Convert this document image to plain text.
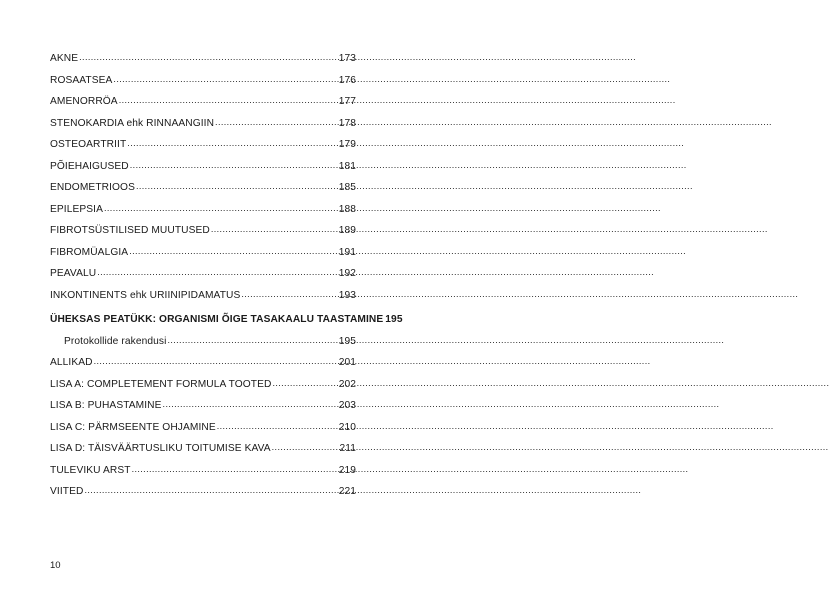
AKNE .....	173
ROSAATSEA .....	176
AMENORRÖA .....	177
STENOKARDIA ehk RINNAANGIIN .....	178
OSTEOARTRIIT .....	179
PÕIEHAIGUSED .....	181
ENDOMETRIOOS .....	185
EPILEPSIA .....	188
FIBROTSÜSTILISED MUUTUSED .....	189
FIBROMÜALGIA .....	191
PEAVALU .....	192
INKONTINENTS ehk URIINIPIDAMATUS .....	193
ÜHEKSAS PEATÜKK: ORGANISMI ÕIGE TASAKAALU TAASTAMINE 195
Protokollide rakendusi .....	195
ALLIKAD .....	201
LISA A: COMPLETEMENT FORMULA TOOTED .....	202
LISA B: PUHASTAMINE .....	203
LISA C: PÄRMSEENTE OHJAMINE .....	210
LISA D: TÄISVÄÄRTUSLIKU TOITUMISE KAVA .....	211
TULEVIKU ARST .....	219
VIITED .....	221
10
